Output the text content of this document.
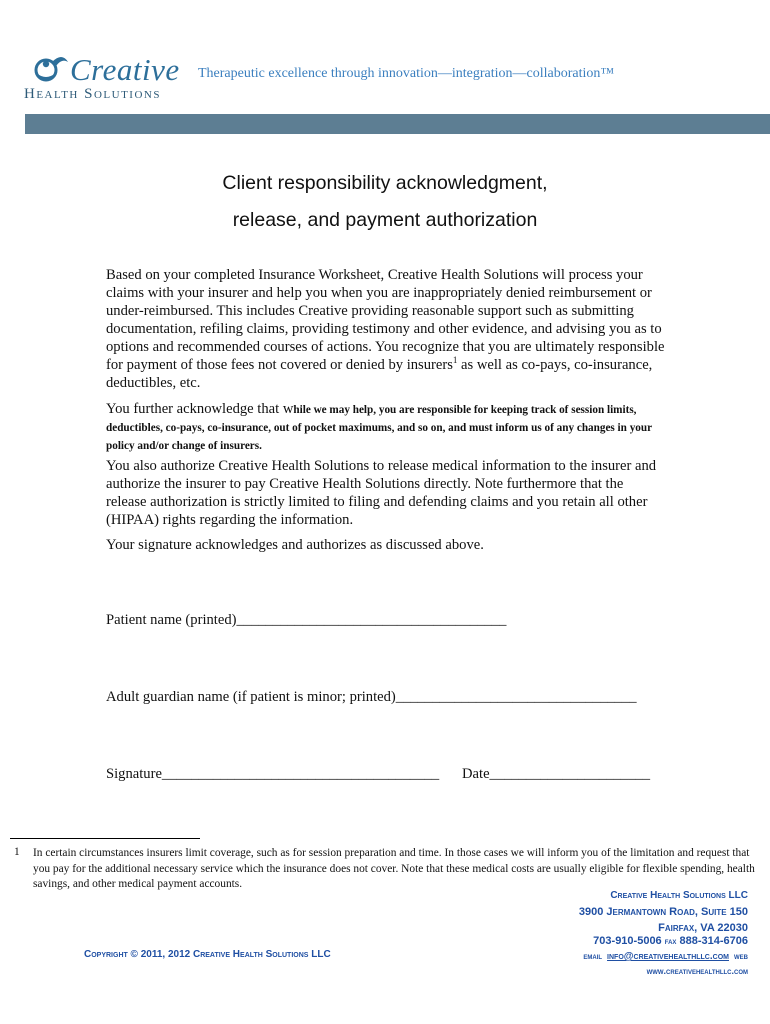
Creative
Health Solutions
Therapeutic excellence through innovation—integration—collaboration™
Client responsibility acknowledgment,
release, and payment authorization
Based on your completed Insurance Worksheet, Creative Health Solutions will process your claims with your insurer and help you when you are inappropriately denied reimbursement or under-reimbursed. This includes Creative providing reasonable support such as submitting documentation, refiling claims, providing testimony and other evidence, and advising you as to options and recommended courses of actions. You recognize that you are ultimately responsible for payment of those fees not covered or denied by insurers$^1$ as well as co-pays, co-insurance, deductibles, etc.
You further acknowledge that while we may help, you are responsible for keeping track of session limits, deductibles, co-pays, co-insurance, out of pocket maximums, and so on, and must inform us of any changes in your policy and/or change of insurers.
You also authorize Creative Health Solutions to release medical information to the insurer and authorize the insurer to pay Creative Health Solutions directly. Note furthermore that the release authorization is strictly limited to filing and defending claims and you retain all other (HIPAA) rights regarding the information.
Your signature acknowledges and authorizes as discussed above.
Patient name (printed)_____________________________________
Adult guardian name (if patient is minor; printed)_________________________________
Signature______________________________________ Date______________________
1 In certain circumstances insurers limit coverage, such as for session preparation and time. In those cases we will inform you of the limitation and request that you pay for the additional necessary service which the insurance does not cover. Note that these medical costs are usually eligible for flexible spending, health savings, and other medical payment accounts.
Copyright © 2011, 2012 Creative Health Solutions LLC
Creative Health Solutions LLC
3900 Jermantown Road, Suite 150
Fairfax, VA 22030
703-910-5006 fax 888-314-6706
email info@creativehealthllc.com web
www.creativehealthllc.com
